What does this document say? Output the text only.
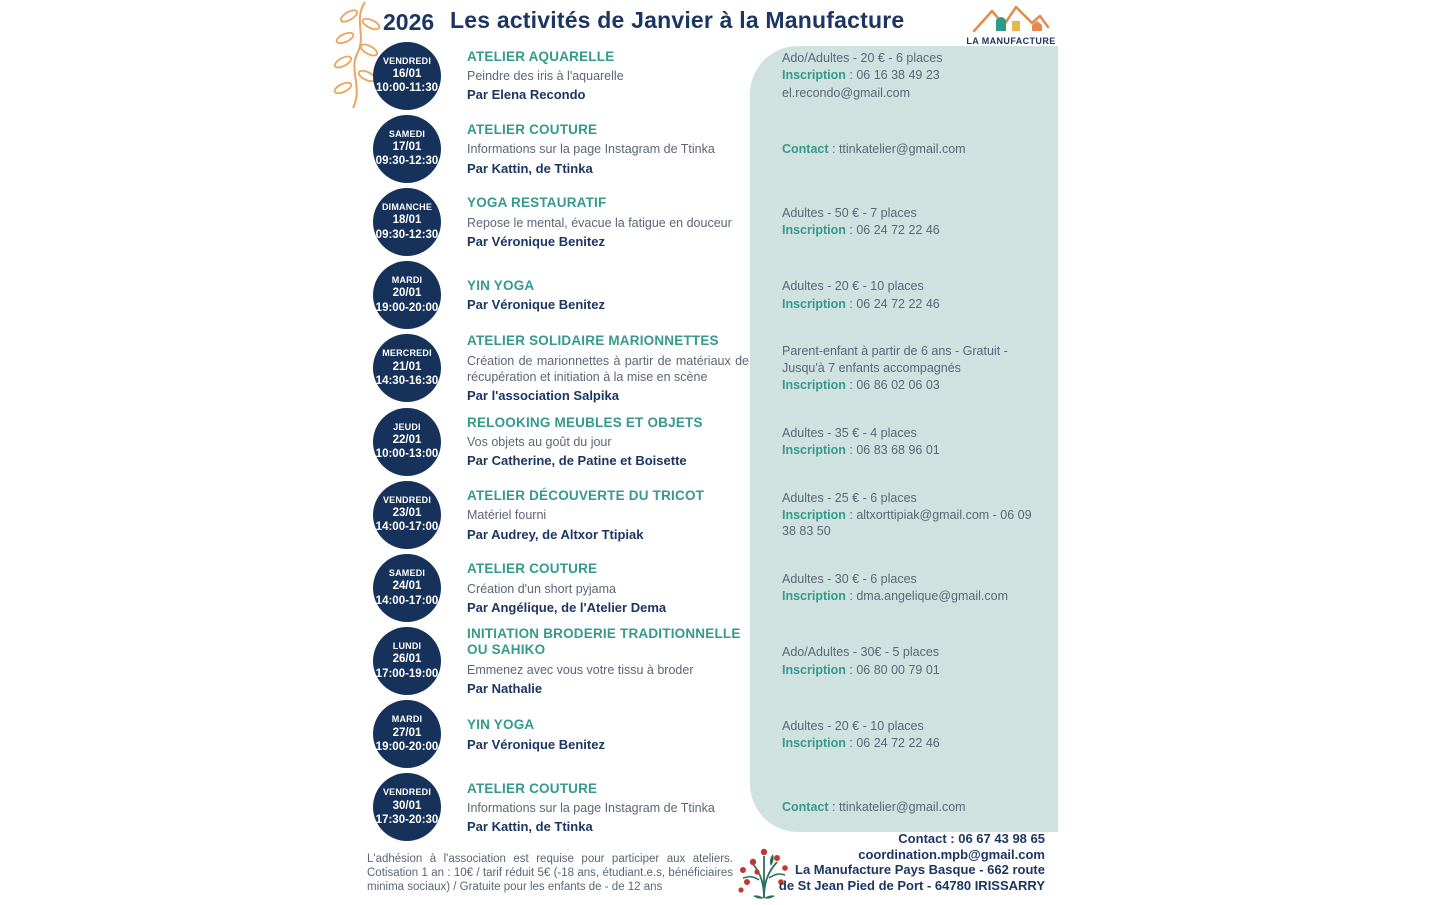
2026 Les activités de Janvier à la Manufacture
LA MANUFACTURE
VENDREDI
16/01
10:00-11:30
ATELIER AQUARELLE
Peindre des iris à l'aquarelle
Par Elena Recondo
Ado/Adultes - 20 € - 6 places
Inscription : 06 16 38 49 23
el.recondo@gmail.com
SAMEDI
17/01
09:30-12:30
ATELIER COUTURE
Informations sur la page Instagram de Ttinka
Par Kattin, de Ttinka
Contact : ttinkatelier@gmail.com
DIMANCHE
18/01
09:30-12:30
YOGA RESTAURATIF
Repose le mental, évacue la fatigue en douceur
Par Véronique Benitez
Adultes - 50 € - 7 places
Inscription : 06 24 72 22 46
MARDI
20/01
19:00-20:00
YIN YOGA
Par Véronique Benitez
Adultes - 20 € - 10 places
Inscription : 06 24 72 22 46
MERCREDI
21/01
14:30-16:30
ATELIER SOLIDAIRE MARIONNETTES
Création de marionnettes à partir de matériaux de récupération et initiation à la mise en scène
Par l'association Salpika
Parent-enfant à partir de 6 ans - Gratuit - Jusqu'à 7 enfants accompagnés
Inscription : 06 86 02 06 03
JEUDI
22/01
10:00-13:00
RELOOKING MEUBLES ET OBJETS
Vos objets au goût du jour
Par Catherine, de Patine et Boisette
Adultes - 35 € - 4 places
Inscription : 06 83 68 96 01
VENDREDI
23/01
14:00-17:00
ATELIER DÉCOUVERTE DU TRICOT
Matériel fourni
Par Audrey, de Altxor Ttipiak
Adultes - 25 € - 6 places
Inscription : altxorttipiak@gmail.com - 06 09 38 83 50
SAMEDI
24/01
14:00-17:00
ATELIER COUTURE
Création d'un short pyjama
Par Angélique, de l'Atelier Dema
Adultes - 30 € - 6 places
Inscription : dma.angelique@gmail.com
LUNDI
26/01
17:00-19:00
INITIATION BRODERIE TRADITIONNELLE OU SAHIKO
Emmenez avec vous votre tissu à broder
Par Nathalie
Ado/Adultes - 30€ - 5 places
Inscription : 06 80 00 79 01
MARDI
27/01
19:00-20:00
YIN YOGA
Par Véronique Benitez
Adultes - 20 € - 10 places
Inscription : 06 24 72 22 46
VENDREDI
30/01
17:30-20:30
ATELIER COUTURE
Informations sur la page Instagram de Ttinka
Par Kattin, de Ttinka
Contact : ttinkatelier@gmail.com
L'adhésion à l'association est requise pour participer aux ateliers. Cotisation 1 an : 10€ / tarif réduit 5€ (-18 ans, étudiant.e.s, bénéficiaires minima sociaux) / Gratuite pour les enfants de - de 12 ans
Contact : 06 67 43 98 65
coordination.mpb@gmail.com
La Manufacture Pays Basque - 662 route
de St Jean Pied de Port - 64780 IRISSARRY
